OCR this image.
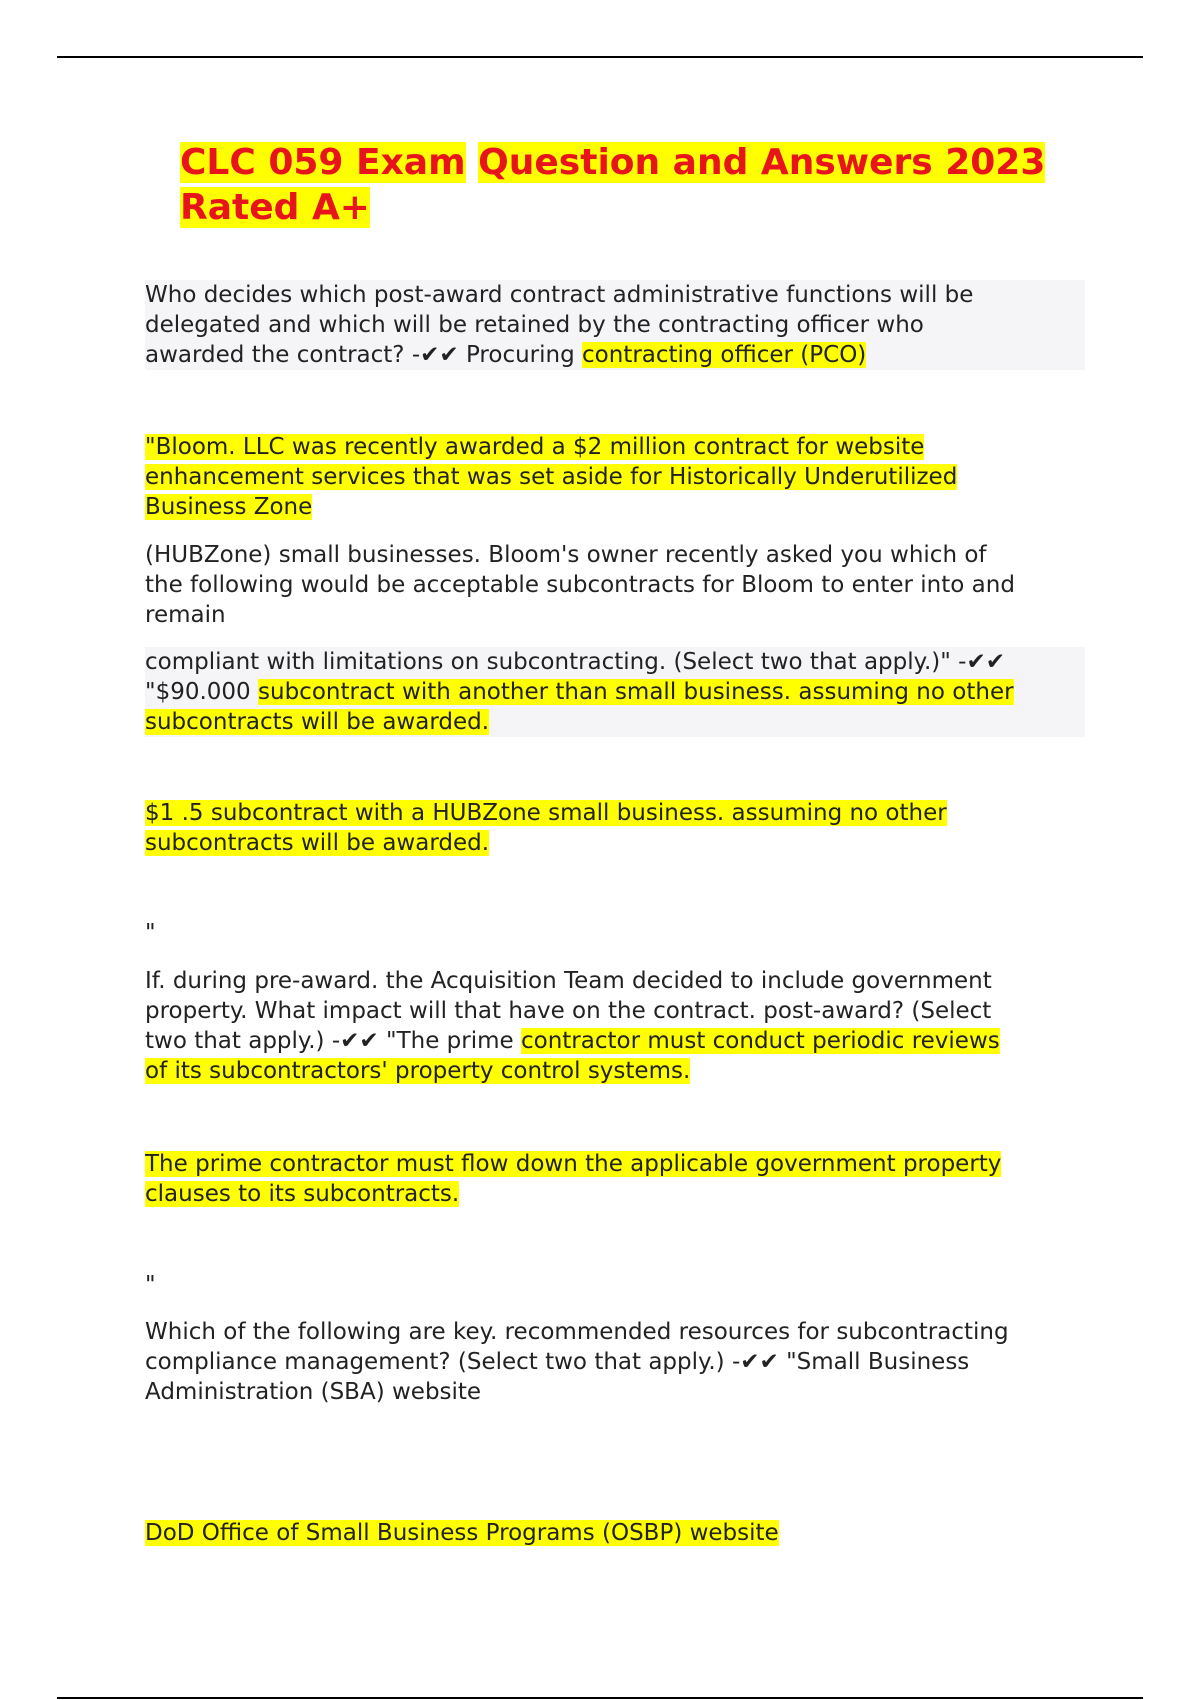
CLC 059 Exam Question and Answers 2023 Rated A+

Who decides which post-award contract administrative functions will be
delegated and which will be retained by the contracting officer who
awarded the contract? -✔✔ Procuring contracting officer (PCO)

"Bloom. LLC was recently awarded a $2 million contract for website
enhancement services that was set aside for Historically Underutilized
Business Zone

(HUBZone) small businesses. Bloom's owner recently asked you which of
the following would be acceptable subcontracts for Bloom to enter into and
remain

compliant with limitations on subcontracting. (Select two that apply.)" -✔✔
"$90.000 subcontract with another than small business. assuming no other
subcontracts will be awarded.

$1 .5 subcontract with a HUBZone small business. assuming no other
subcontracts will be awarded.

"

If. during pre-award. the Acquisition Team decided to include government
property. What impact will that have on the contract. post-award? (Select
two that apply.) -✔✔ "The prime contractor must conduct periodic reviews
of its subcontractors' property control systems.

The prime contractor must flow down the applicable government property
clauses to its subcontracts.

"

Which of the following are key. recommended resources for subcontracting
compliance management? (Select two that apply.) -✔✔ "Small Business
Administration (SBA) website

DoD Office of Small Business Programs (OSBP) website
